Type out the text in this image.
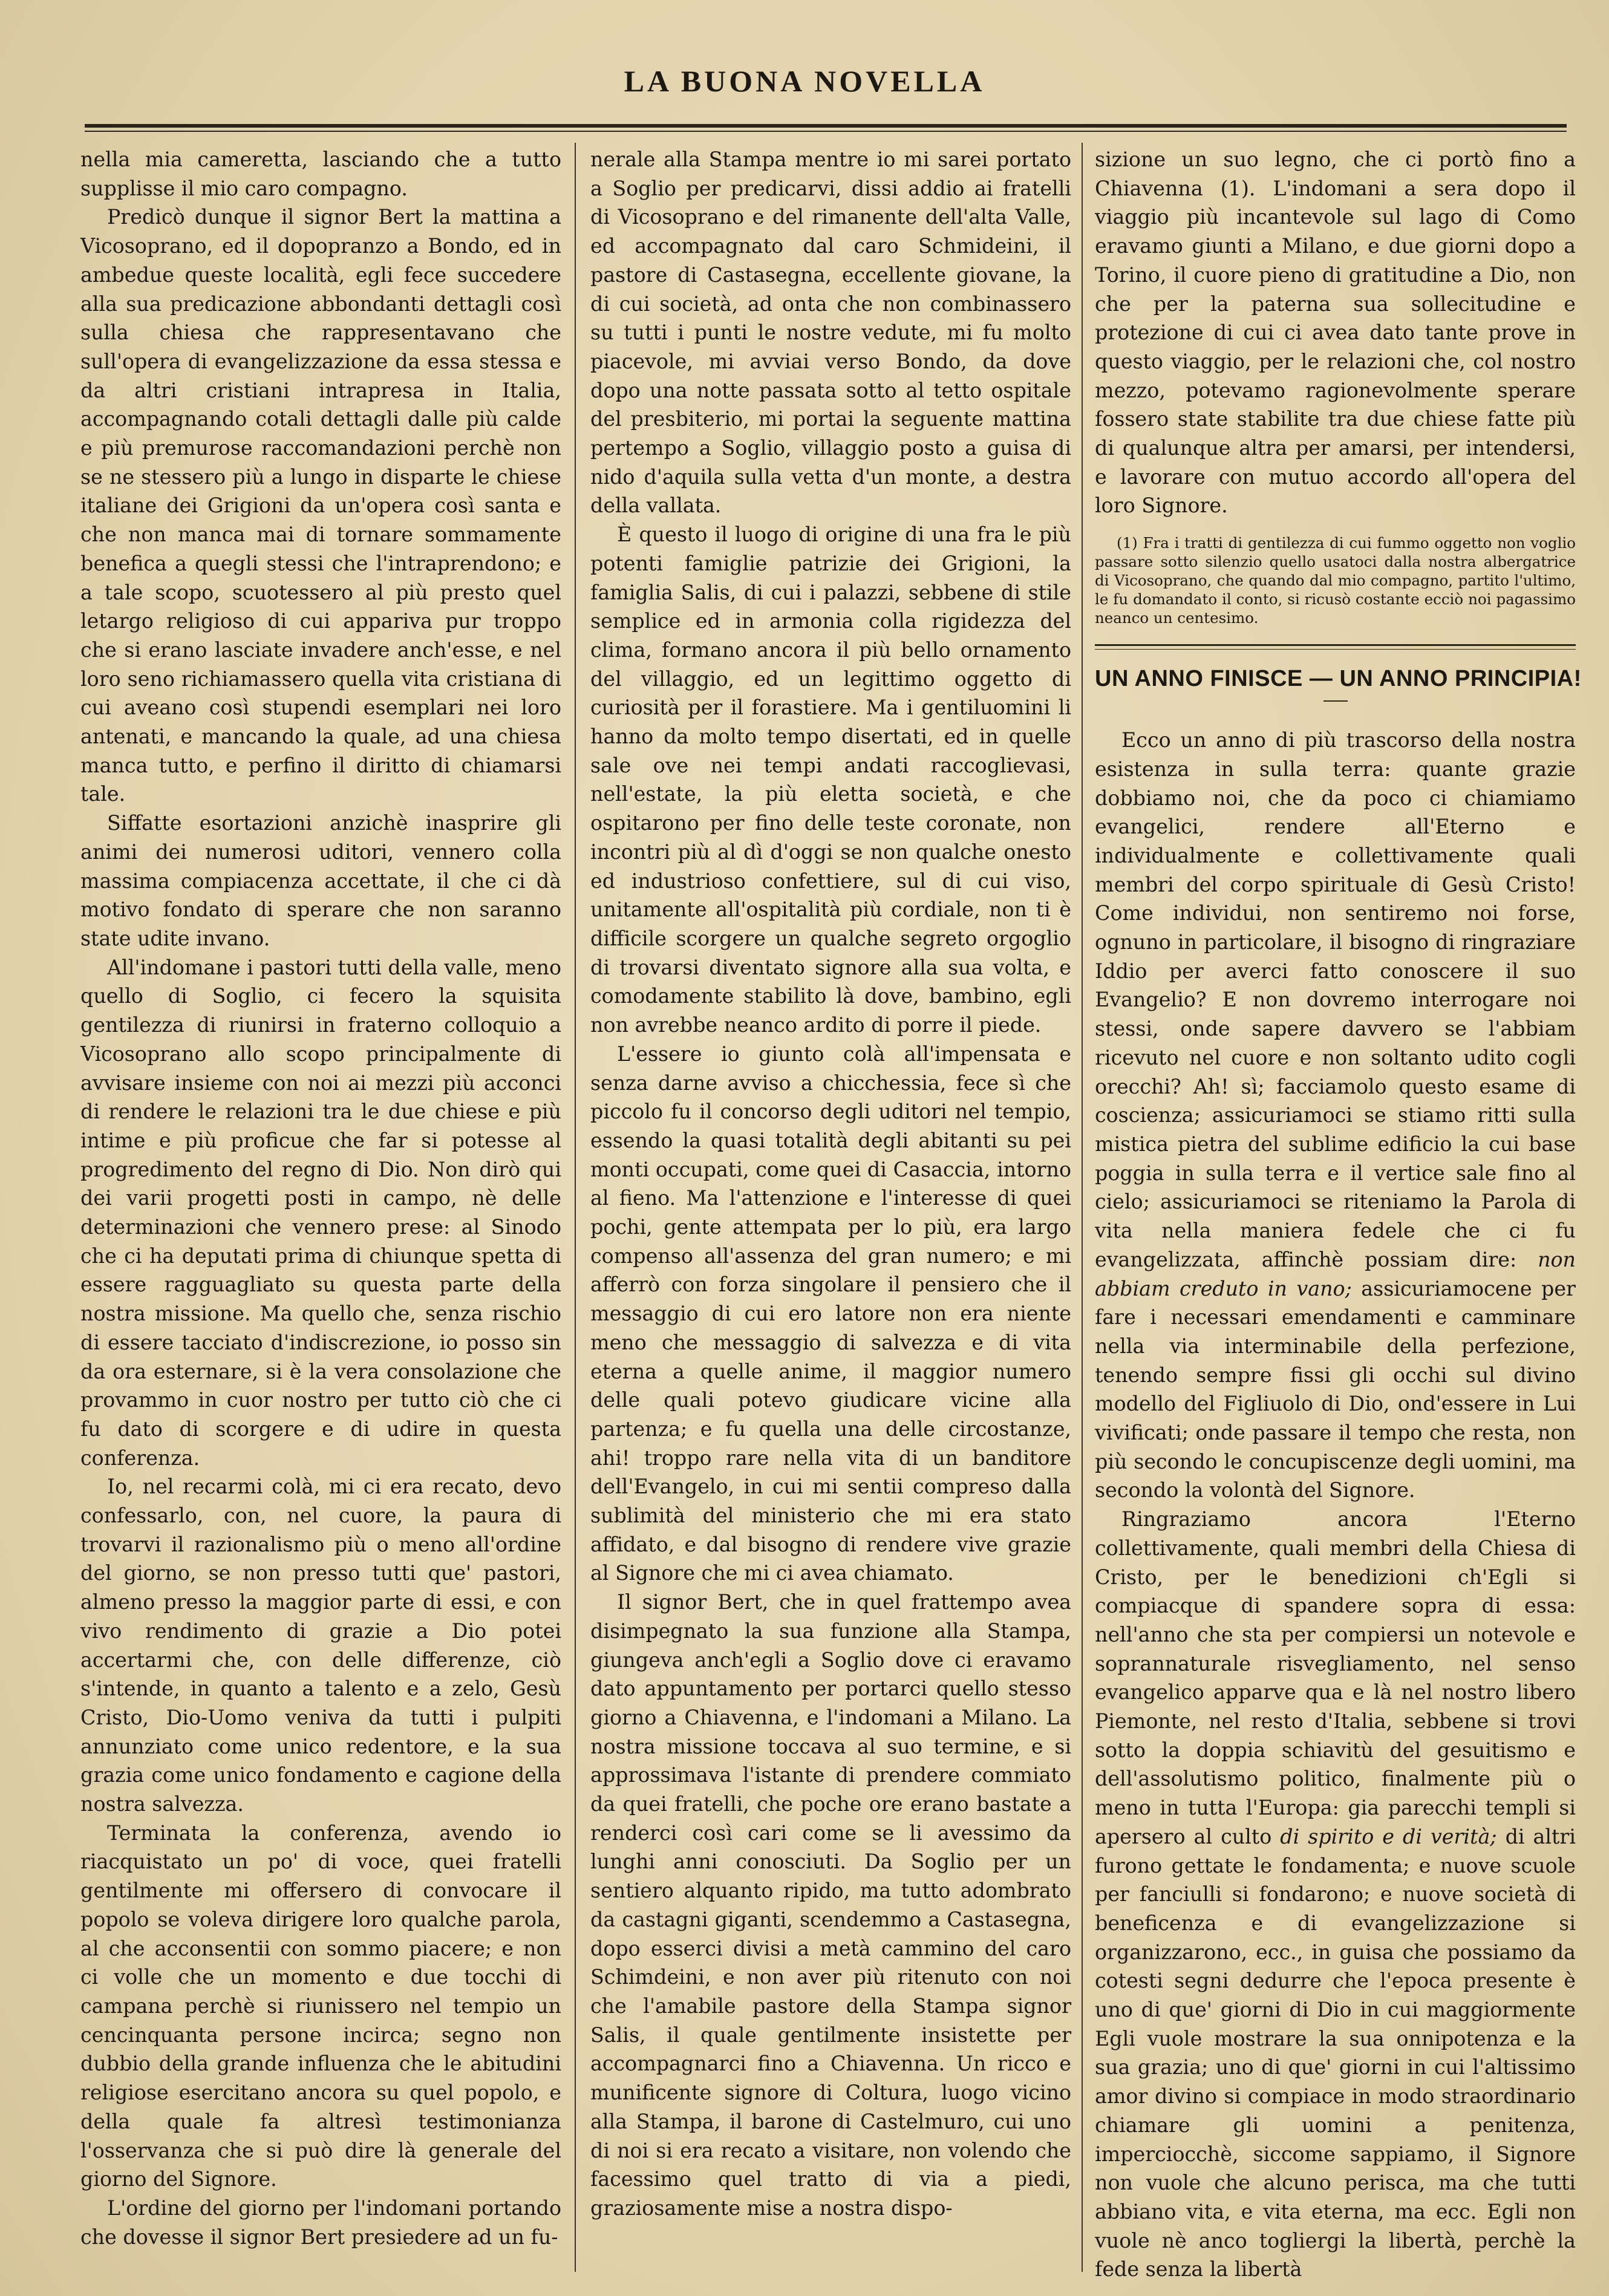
LA BUONA NOVELLA

nella mia cameretta, lasciando che a tutto supplisse il mio caro compagno.

Predicò dunque il signor Bert la mattina a Vicosoprano, ed il dopopranzo a Bondo, ed in ambedue queste località, egli fece succedere alla sua predicazione abbondanti dettagli così sulla chiesa che rappresentavano che sull'opera di evangelizzazione da essa stessa e da altri cristiani intrapresa in Italia, accompagnando cotali dettagli dalle più calde e più premurose raccomandazioni perchè non se ne stessero più a lungo in disparte le chiese italiane dei Grigioni da un'opera così santa e che non manca mai di tornare sommamente benefica a quegli stessi che l'intraprendono; e a tale scopo, scuotessero al più presto quel letargo religioso di cui appariva pur troppo che si erano lasciate invadere anch'esse, e nel loro seno richiamassero quella vita cristiana di cui aveano così stupendi esemplari nei loro antenati, e mancando la quale, ad una chiesa manca tutto, e perfino il diritto di chiamarsi tale.

Siffatte esortazioni anzichè inasprire gli animi dei numerosi uditori, vennero colla massima compiacenza accettate, il che ci dà motivo fondato di sperare che non saranno state udite invano.

All'indomane i pastori tutti della valle, meno quello di Soglio, ci fecero la squisita gentilezza di riunirsi in fraterno colloquio a Vicosoprano allo scopo principalmente di avvisare insieme con noi ai mezzi più acconci di rendere le relazioni tra le due chiese e più intime e più proficue che far si potesse al progredimento del regno di Dio. Non dirò qui dei varii progetti posti in campo, nè delle determinazioni che vennero prese: al Sinodo che ci ha deputati prima di chiunque spetta di essere ragguagliato su questa parte della nostra missione. Ma quello che, senza rischio di essere tacciato d'indiscrezione, io posso sin da ora esternare, si è la vera consolazione che provammo in cuor nostro per tutto ciò che ci fu dato di scorgere e di udire in questa conferenza.

Io, nel recarmi colà, mi ci era recato, devo confessarlo, con, nel cuore, la paura di trovarvi il razionalismo più o meno all'ordine del giorno, se non presso tutti que' pastori, almeno presso la maggior parte di essi, e con vivo rendimento di grazie a Dio potei accertarmi che, con delle differenze, ciò s'intende, in quanto a talento e a zelo, Gesù Cristo, Dio-Uomo veniva da tutti i pulpiti annunziato come unico redentore, e la sua grazia come unico fondamento e cagione della nostra salvezza.

Terminata la conferenza, avendo io riacquistato un po' di voce, quei fratelli gentilmente mi offersero di convocare il popolo se voleva dirigere loro qualche parola, al che acconsentii con sommo piacere; e non ci volle che un momento e due tocchi di campana perchè si riunissero nel tempio un cencinquanta persone incirca; segno non dubbio della grande influenza che le abitudini religiose esercitano ancora su quel popolo, e della quale fa altresì testimonianza l'osservanza che si può dire là generale del giorno del Signore.

L'ordine del giorno per l'indomani portando che dovesse il signor Bert presiedere ad un fu-

nerale alla Stampa mentre io mi sarei portato a Soglio per predicarvi, dissi addio ai fratelli di Vicosoprano e del rimanente dell'alta Valle, ed accompagnato dal caro Schmideini, il pastore di Castasegna, eccellente giovane, la di cui società, ad onta che non combinassero su tutti i punti le nostre vedute, mi fu molto piacevole, mi avviai verso Bondo, da dove dopo una notte passata sotto al tetto ospitale del presbiterio, mi portai la seguente mattina pertempo a Soglio, villaggio posto a guisa di nido d'aquila sulla vetta d'un monte, a destra della vallata.

È questo il luogo di origine di una fra le più potenti famiglie patrizie dei Grigioni, la famiglia Salis, di cui i palazzi, sebbene di stile semplice ed in armonia colla rigidezza del clima, formano ancora il più bello ornamento del villaggio, ed un legittimo oggetto di curiosità per il forastiere. Ma i gentiluomini li hanno da molto tempo disertati, ed in quelle sale ove nei tempi andati raccoglievasi, nell'estate, la più eletta società, e che ospitarono per fino delle teste coronate, non incontri più al dì d'oggi se non qualche onesto ed industrioso confettiere, sul di cui viso, unitamente all'ospitalità più cordiale, non ti è difficile scorgere un qualche segreto orgoglio di trovarsi diventato signore alla sua volta, e comodamente stabilito là dove, bambino, egli non avrebbe neanco ardito di porre il piede.

L'essere io giunto colà all'impensata e senza darne avviso a chicchessia, fece sì che piccolo fu il concorso degli uditori nel tempio, essendo la quasi totalità degli abitanti su pei monti occupati, come quei di Casaccia, intorno al fieno. Ma l'attenzione e l'interesse di quei pochi, gente attempata per lo più, era largo compenso all'assenza del gran numero; e mi afferrò con forza singolare il pensiero che il messaggio di cui ero latore non era niente meno che messaggio di salvezza e di vita eterna a quelle anime, il maggior numero delle quali potevo giudicare vicine alla partenza; e fu quella una delle circostanze, ahi! troppo rare nella vita di un banditore dell'Evangelo, in cui mi sentii compreso dalla sublimità del ministerio che mi era stato affidato, e dal bisogno di rendere vive grazie al Signore che mi ci avea chiamato.

Il signor Bert, che in quel frattempo avea disimpegnato la sua funzione alla Stampa, giungeva anch'egli a Soglio dove ci eravamo dato appuntamento per portarci quello stesso giorno a Chiavenna, e l'indomani a Milano. La nostra missione toccava al suo termine, e si approssimava l'istante di prendere commiato da quei fratelli, che poche ore erano bastate a renderci così cari come se li avessimo da lunghi anni conosciuti. Da Soglio per un sentiero alquanto ripido, ma tutto adombrato da castagni giganti, scendemmo a Castasegna, dopo esserci divisi a metà cammino del caro Schimdeini, e non aver più ritenuto con noi che l'amabile pastore della Stampa signor Salis, il quale gentilmente insistette per accompagnarci fino a Chiavenna. Un ricco e munificente signore di Coltura, luogo vicino alla Stampa, il barone di Castelmuro, cui uno di noi si era recato a visitare, non volendo che facessimo quel tratto di via a piedi, graziosamente mise a nostra dispo-

sizione un suo legno, che ci portò fino a Chiavenna (1). L'indomani a sera dopo il viaggio più incantevole sul lago di Como eravamo giunti a Milano, e due giorni dopo a Torino, il cuore pieno di gratitudine a Dio, non che per la paterna sua sollecitudine e protezione di cui ci avea dato tante prove in questo viaggio, per le relazioni che, col nostro mezzo, potevamo ragionevolmente sperare fossero state stabilite tra due chiese fatte più di qualunque altra per amarsi, per intendersi, e lavorare con mutuo accordo all'opera del loro Signore.

(1) Fra i tratti di gentilezza di cui fummo oggetto non voglio passare sotto silenzio quello usatoci dalla nostra albergatrice di Vicosoprano, che quando dal mio compagno, partito l'ultimo, le fu domandato il conto, si ricusò costante ecciò noi pagassimo neanco un centesimo.

UN ANNO FINISCE — UN ANNO PRINCIPIA!

Ecco un anno di più trascorso della nostra esistenza in sulla terra: quante grazie dobbiamo noi, che da poco ci chiamiamo evangelici, rendere all'Eterno e individualmente e collettivamente quali membri del corpo spirituale di Gesù Cristo! Come individui, non sentiremo noi forse, ognuno in particolare, il bisogno di ringraziare Iddio per averci fatto conoscere il suo Evangelio? E non dovremo interrogare noi stessi, onde sapere davvero se l'abbiam ricevuto nel cuore e non soltanto udito cogli orecchi? Ah! sì; facciamolo questo esame di coscienza; assicuriamoci se stiamo ritti sulla mistica pietra del sublime edificio la cui base poggia in sulla terra e il vertice sale fino al cielo; assicuriamoci se riteniamo la Parola di vita nella maniera fedele che ci fu evangelizzata, affinchè possiam dire: non abbiam creduto in vano; assicuriamocene per fare i necessari emendamenti e camminare nella via interminabile della perfezione, tenendo sempre fissi gli occhi sul divino modello del Figliuolo di Dio, ond'essere in Lui vivificati; onde passare il tempo che resta, non più secondo le concupiscenze degli uomini, ma secondo la volontà del Signore.

Ringraziamo ancora l'Eterno collettivamente, quali membri della Chiesa di Cristo, per le benedizioni ch'Egli si compiacque di spandere sopra di essa: nell'anno che sta per compiersi un notevole e soprannaturale risvegliamento, nel senso evangelico apparve qua e là nel nostro libero Piemonte, nel resto d'Italia, sebbene si trovi sotto la doppia schiavitù del gesuitismo e dell'assolutismo politico, finalmente più o meno in tutta l'Europa: gia parecchi templi si apersero al culto di spirito e di verità; di altri furono gettate le fondamenta; e nuove scuole per fanciulli si fondarono; e nuove società di beneficenza e di evangelizzazione si organizzarono, ecc., in guisa che possiamo da cotesti segni dedurre che l'epoca presente è uno di que' giorni di Dio in cui maggiormente Egli vuole mostrare la sua onnipotenza e la sua grazia; uno di que' giorni in cui l'altissimo amor divino si compiace in modo straordinario chiamare gli uomini a penitenza, imperciocchè, siccome sappiamo, il Signore non vuole che alcuno perisca, ma che tutti abbiano vita, e vita eterna, ma ecc. Egli non vuole nè anco togliergi la libertà, perchè la fede senza la libertà
